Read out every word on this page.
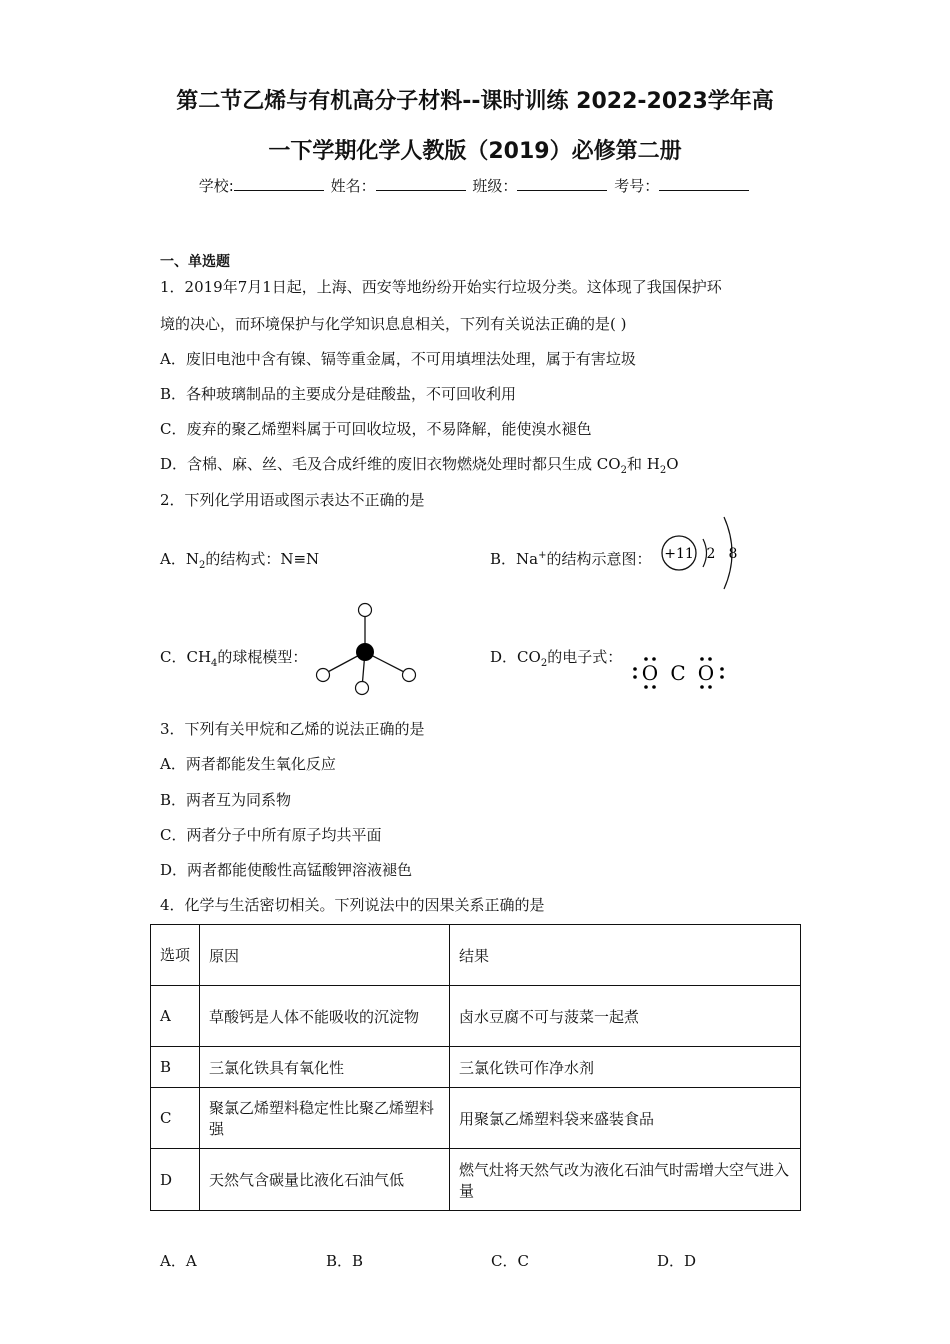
第二节乙烯与有机高分子材料--课时训练 2022-2023学年高
一下学期化学人教版（2019）必修第二册
学校:	姓名：	班级：	考号：
一、单选题
1．2019年7月1日起，上海、西安等地纷纷开始实行垃圾分类。这体现了我国保护环
境的决心，而环境保护与化学知识息息相关，下列有关说法正确的是( )
A．废旧电池中含有镍、镉等重金属，不可用填埋法处理，属于有害垃圾
B．各种玻璃制品的主要成分是硅酸盐，不可回收利用
C．废弃的聚乙烯塑料属于可回收垃圾，不易降解，能使溴水褪色
D．含棉、麻、丝、毛及合成纤维的废旧衣物燃烧处理时都只生成 $CO_2$和 $H_2O$
2．下列化学用语或图示表达不正确的是
A．$N_2$的结构式：N≡N	B．Na+的结构示意图： +11 2 8
C．$CH_4$的球棍模型：	D．$CO_2$的电子式：
O C O
3．下列有关甲烷和乙烯的说法正确的是
A．两者都能发生氧化反应
B．两者互为同系物
C．两者分子中所有原子均共平面
D．两者都能使酸性高锰酸钾溶液褪色
4．化学与生活密切相关。下列说法中的因果关系正确的是
选项	原因	结果
A	草酸钙是人体不能吸收的沉淀物	卤水豆腐不可与菠菜一起煮
B	三氯化铁具有氧化性	三氯化铁可作净水剂
C	聚氯乙烯塑料稳定性比聚乙烯塑料强	用聚氯乙烯塑料袋来盛装食品
D	天然气含碳量比液化石油气低	燃气灶将天然气改为液化石油气时需增大空气进入量
A．A	B．B	C．C	D．D
